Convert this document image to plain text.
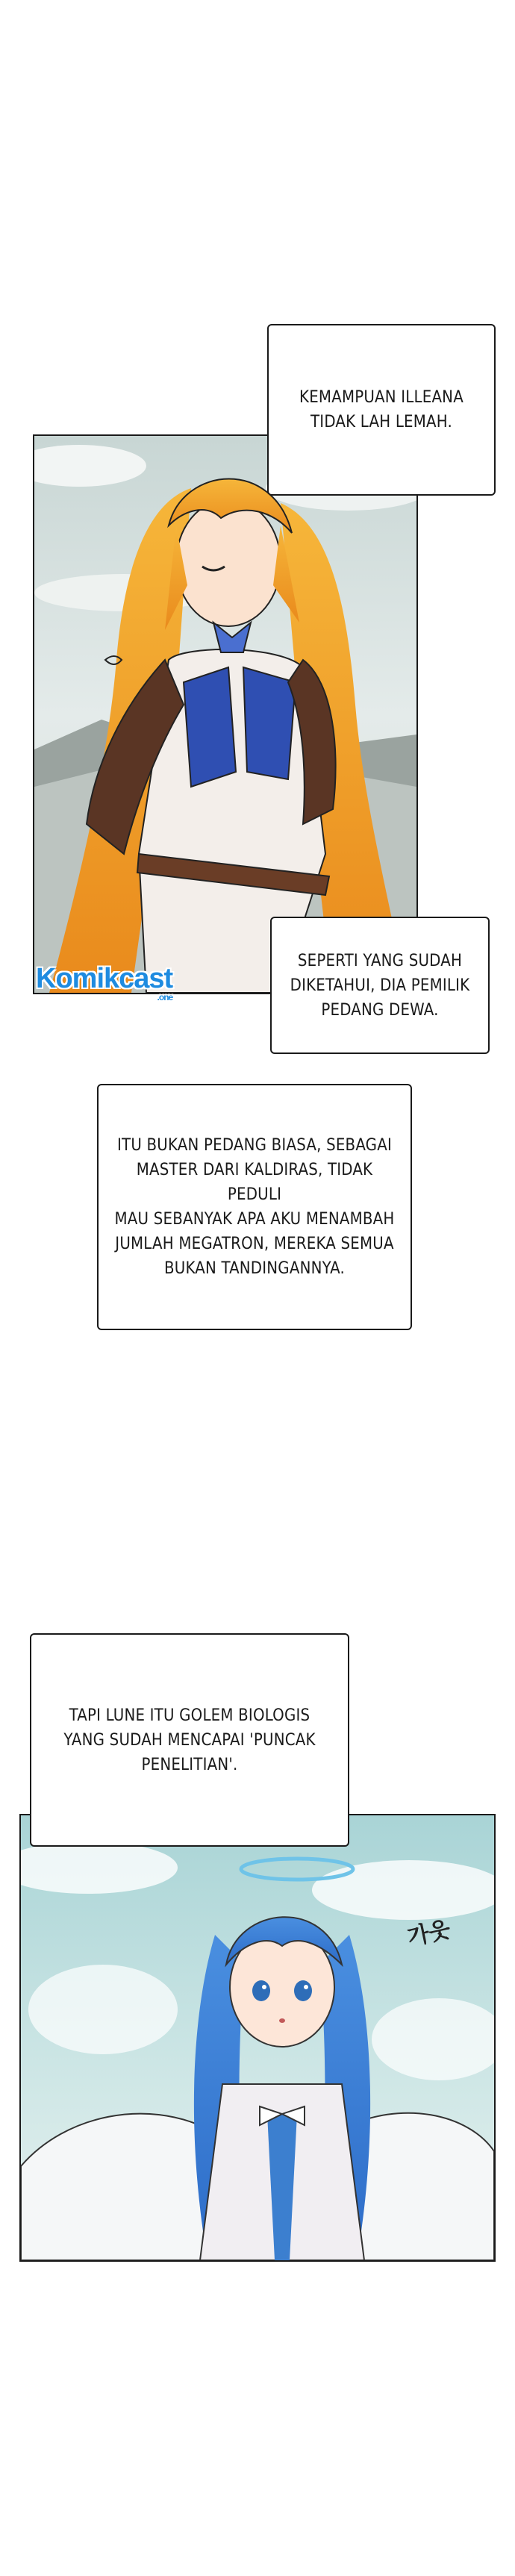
Komikcast
.one
가웃
KEMAMPUAN ILLEANA
TIDAK LAH LEMAH.
SEPERTI YANG SUDAH
DIKETAHUI, DIA PEMILIK
PEDANG DEWA.
ITU BUKAN PEDANG BIASA, SEBAGAI
MASTER DARI KALDIRAS, TIDAK PEDULI
MAU SEBANYAK APA AKU MENAMBAH
JUMLAH MEGATRON, MEREKA SEMUA
BUKAN TANDINGANNYA.
TAPI LUNE ITU GOLEM BIOLOGIS
YANG SUDAH MENCAPAI 'PUNCAK
PENELITIAN'.
